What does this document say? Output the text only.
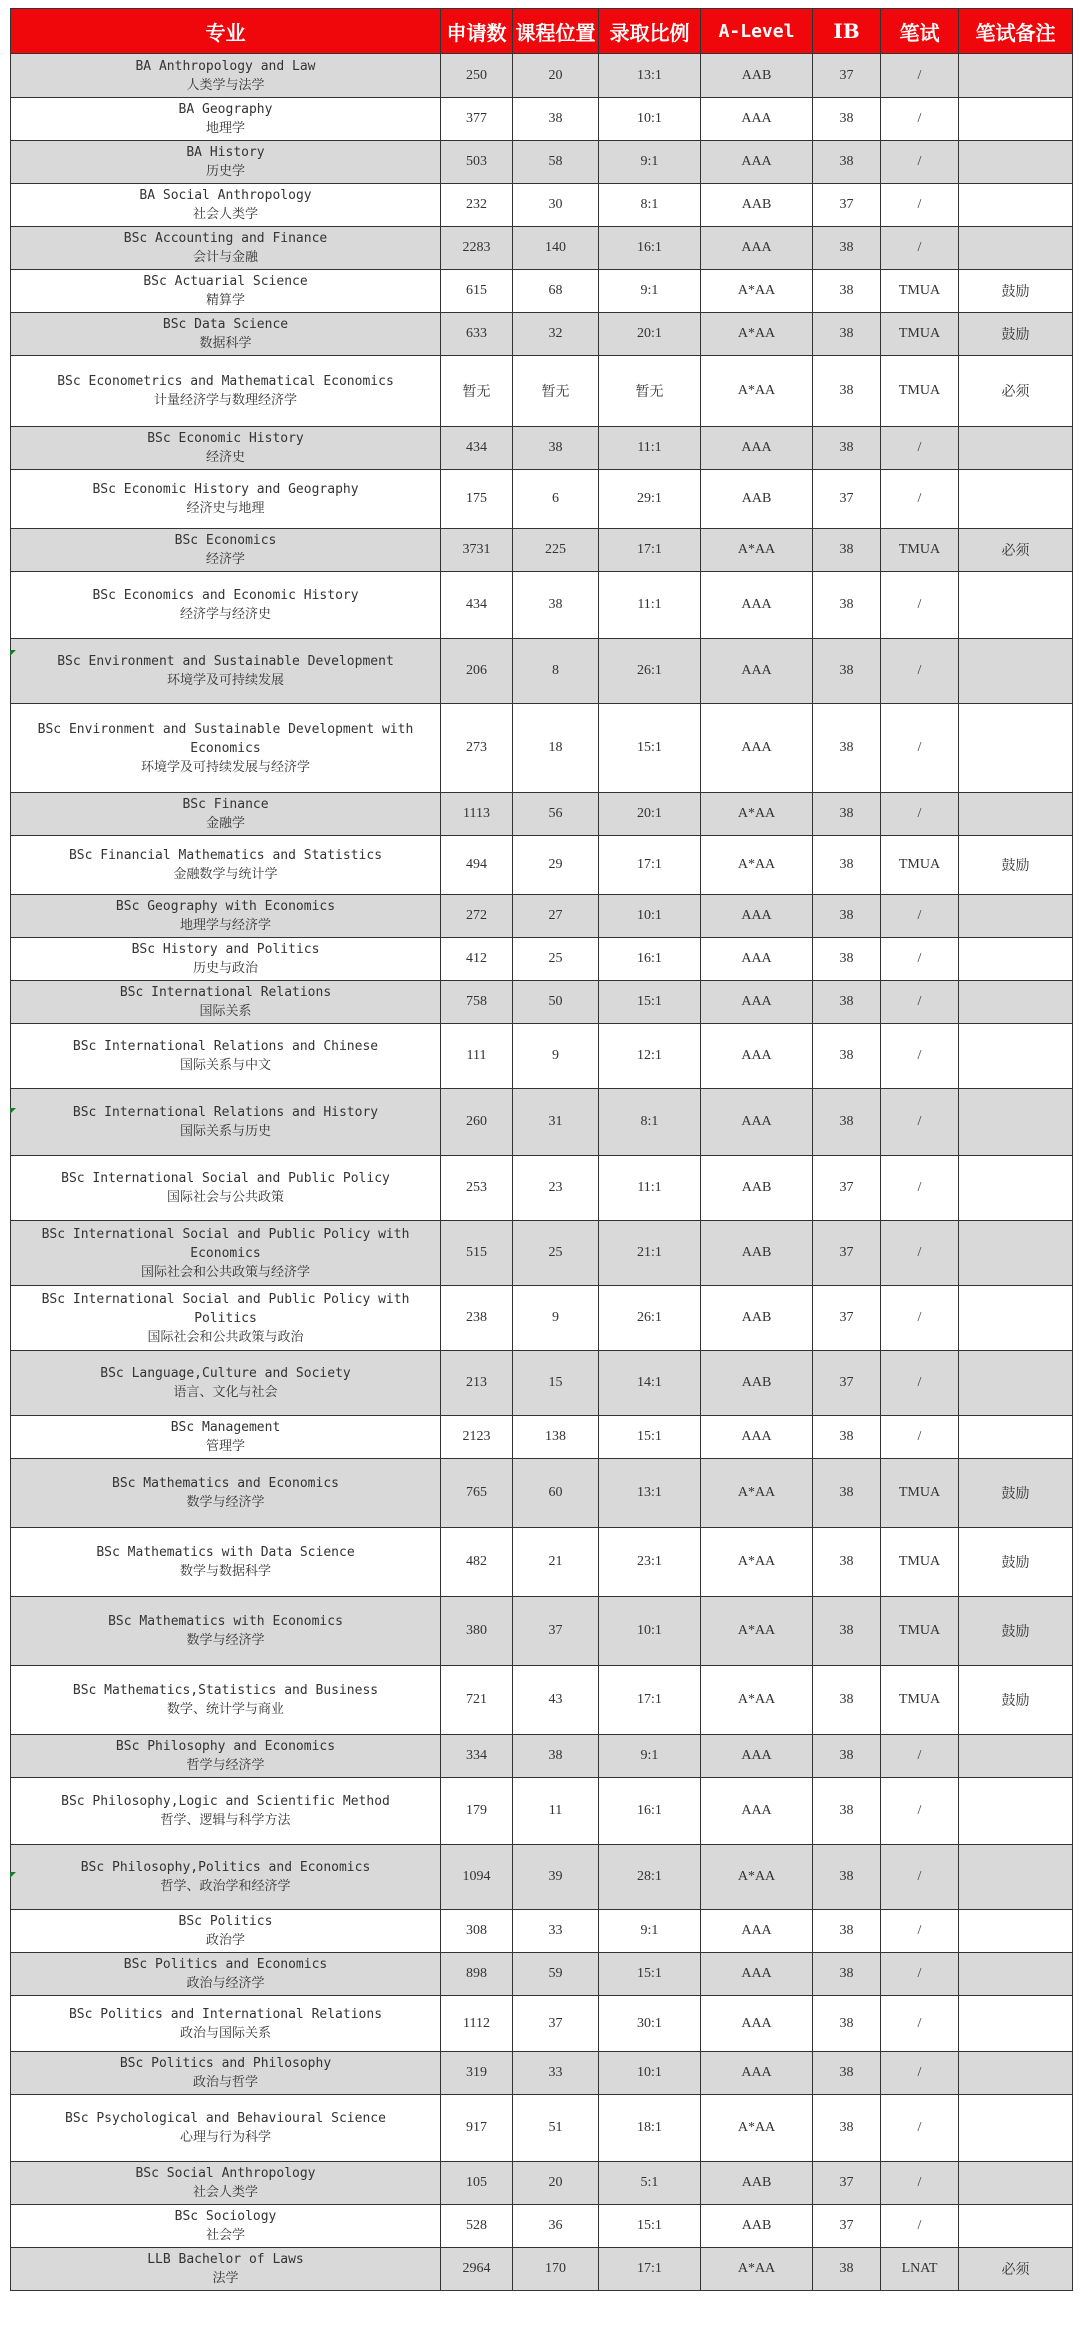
专业	申请数	课程位置	录取比例	A-Level	IB	笔试	笔试备注

BA Anthropology and Law
人类学与法学	250	20	13:1	AAB	37	/	

BA Geography
地理学	377	38	10:1	AAA	38	/	

BA History
历史学	503	58	9:1	AAA	38	/	

BA Social Anthropology
社会人类学	232	30	8:1	AAB	37	/	

BSc Accounting and Finance
会计与金融	2283	140	16:1	AAA	38	/	

BSc Actuarial Science
精算学	615	68	9:1	A*AA	38	TMUA	鼓励

BSc Data Science
数据科学	633	32	20:1	A*AA	38	TMUA	鼓励

BSc Econometrics and Mathematical Economics
计量经济学与数理经济学	暂无	暂无	暂无	A*AA	38	TMUA	必须

BSc Economic History
经济史	434	38	11:1	AAA	38	/	

BSc Economic History and Geography
经济史与地理	175	6	29:1	AAB	37	/	

BSc Economics
经济学	3731	225	17:1	A*AA	38	TMUA	必须

BSc Economics and Economic History
经济学与经济史	434	38	11:1	AAA	38	/	

BSc Environment and Sustainable Development
环境学及可持续发展	206	8	26:1	AAA	38	/	

BSc Environment and Sustainable Development with Economics
环境学及可持续发展与经济学	273	18	15:1	AAA	38	/	

BSc Finance
金融学	1113	56	20:1	A*AA	38	/	

BSc Financial Mathematics and Statistics
金融数学与统计学	494	29	17:1	A*AA	38	TMUA	鼓励

BSc Geography with Economics
地理学与经济学	272	27	10:1	AAA	38	/	

BSc History and Politics
历史与政治	412	25	16:1	AAA	38	/	

BSc International Relations
国际关系	758	50	15:1	AAA	38	/	

BSc International Relations and Chinese
国际关系与中文	111	9	12:1	AAA	38	/	

BSc International Relations and History
国际关系与历史	260	31	8:1	AAA	38	/	

BSc International Social and Public Policy
国际社会与公共政策	253	23	11:1	AAB	37	/	

BSc International Social and Public Policy with Economics
国际社会和公共政策与经济学	515	25	21:1	AAB	37	/	

BSc International Social and Public Policy with Politics
国际社会和公共政策与政治	238	9	26:1	AAB	37	/	

BSc Language,Culture and Society
语言、文化与社会	213	15	14:1	AAB	37	/	

BSc Management
管理学	2123	138	15:1	AAA	38	/	

BSc Mathematics and Economics
数学与经济学	765	60	13:1	A*AA	38	TMUA	鼓励

BSc Mathematics with Data Science
数学与数据科学	482	21	23:1	A*AA	38	TMUA	鼓励

BSc Mathematics with Economics
数学与经济学	380	37	10:1	A*AA	38	TMUA	鼓励

BSc Mathematics,Statistics and Business
数学、统计学与商业	721	43	17:1	A*AA	38	TMUA	鼓励

BSc Philosophy and Economics
哲学与经济学	334	38	9:1	AAA	38	/	

BSc Philosophy,Logic and Scientific Method
哲学、逻辑与科学方法	179	11	16:1	AAA	38	/	

BSc Philosophy,Politics and Economics
哲学、政治学和经济学	1094	39	28:1	A*AA	38	/	

BSc Politics
政治学	308	33	9:1	AAA	38	/	

BSc Politics and Economics
政治与经济学	898	59	15:1	AAA	38	/	

BSc Politics and International Relations
政治与国际关系	1112	37	30:1	AAA	38	/	

BSc Politics and Philosophy
政治与哲学	319	33	10:1	AAA	38	/	

BSc Psychological and Behavioural Science
心理与行为科学	917	51	18:1	A*AA	38	/	

BSc Social Anthropology
社会人类学	105	20	5:1	AAB	37	/	

BSc Sociology
社会学	528	36	15:1	AAB	37	/	

LLB Bachelor of Laws
法学	2964	170	17:1	A*AA	38	LNAT	必须
